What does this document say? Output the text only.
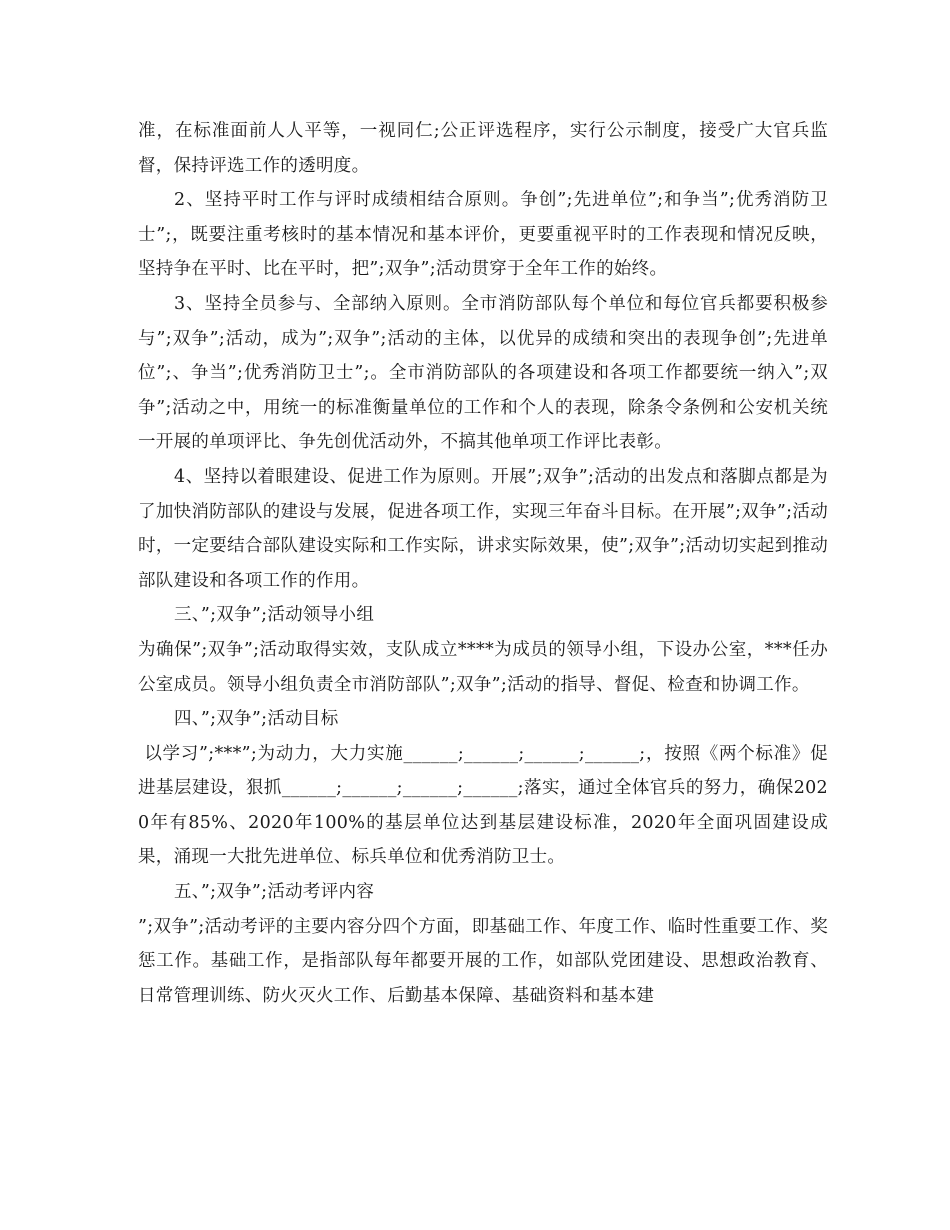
准，在标准面前人人平等，一视同仁;公正评选程序，实行公示制度，接受广大官兵监督，保持评选工作的透明度。

2、坚持平时工作与评时成绩相结合原则。争创”;先进单位”;和争当”;优秀消防卫士”;，既要注重考核时的基本情况和基本评价，更要重视平时的工作表现和情况反映，坚持争在平时、比在平时，把”;双争”;活动贯穿于全年工作的始终。

3、坚持全员参与、全部纳入原则。全市消防部队每个单位和每位官兵都要积极参与”;双争”;活动，成为”;双争”;活动的主体，以优异的成绩和突出的表现争创”;先进单位”;、争当”;优秀消防卫士”;。全市消防部队的各项建设和各项工作都要统一纳入”;双争”;活动之中，用统一的标准衡量单位的工作和个人的表现，除条令条例和公安机关统一开展的单项评比、争先创优活动外，不搞其他单项工作评比表彰。

4、坚持以着眼建设、促进工作为原则。开展”;双争”;活动的出发点和落脚点都是为了加快消防部队的建设与发展，促进各项工作，实现三年奋斗目标。在开展”;双争”;活动时，一定要结合部队建设实际和工作实际，讲求实际效果，使”;双争”;活动切实起到推动部队建设和各项工作的作用。

三、”;双争”;活动领导小组

为确保”;双争”;活动取得实效，支队成立****为成员的领导小组，下设办公室，***任办公室成员。领导小组负责全市消防部队”;双争”;活动的指导、督促、检查和协调工作。

四、”;双争”;活动目标

以学习”;***”;为动力，大力实施______;______;______;______;，按照《两个标准》促进基层建设，狠抓______;______;______;______;落实，通过全体官兵的努力，确保2020年有85%、2020年100%的基层单位达到基层建设标准，2020年全面巩固建设成果，涌现一大批先进单位、标兵单位和优秀消防卫士。

五、”;双争”;活动考评内容

”;双争”;活动考评的主要内容分四个方面，即基础工作、年度工作、临时性重要工作、奖惩工作。基础工作，是指部队每年都要开展的工作，如部队党团建设、思想政治教育、日常管理训练、防火灭火工作、后勤基本保障、基础资料和基本建
